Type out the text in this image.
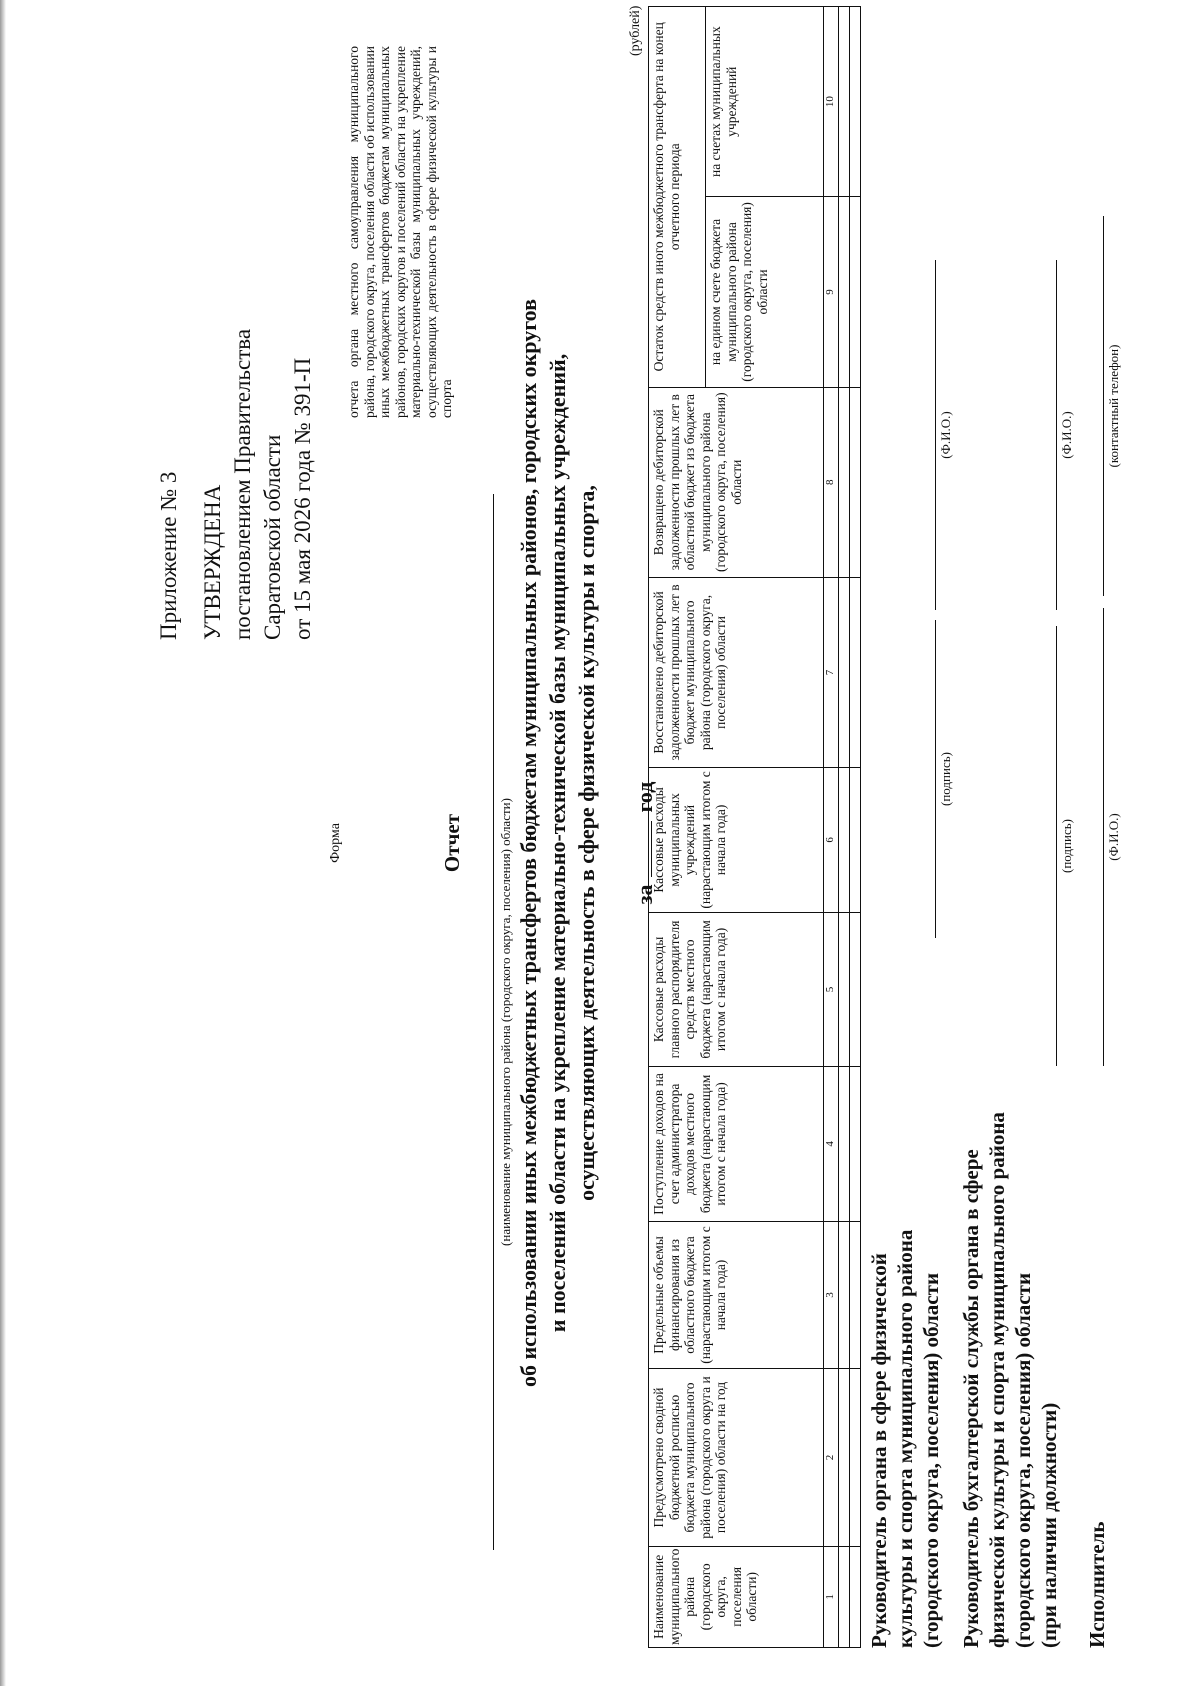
Приложение № 3 УТВЕРЖДЕНА постановлением Правительства Саратовской области от 15 мая 2026 года № 391-П
Форма
отчета органа местного самоуправления муниципального района, городского округа, поселения области об использовании иных межбюджетных трансфертов бюджетам муниципальных районов, городских округов и поселений области на укрепление материально-технической базы муниципальных учреждений, осуществляющих деятельность в сфере физической культуры и спорта
Отчет	(наименование муниципального района (городского округа, поселения) области) об использовании иных межбюджетных трансфертов бюджетам муниципальных районов, городских округов и поселений области на укрепление материально-технической базы муниципальных учреждений, осуществляющих деятельность в сфере физической культуры и спорта, загод
(рублей)
Наименование муниципального района (городского округа, поселения области)	Предусмотрено сводной бюджетной росписью бюджета муниципального района (городского округа и поселения) области на год	Предельные объемы финансирования из областного бюджета (нарастающим итогом с начала года)	Поступление доходов на счет администратора доходов местного бюджета (нарастающим итогом с начала года)	Кассовые расходы главного распорядителя средств местного бюджета (нарастающим итогом с начала года)	Кассовые расходы муниципальных учреждений (нарастающим итогом с начала года)	Восстановлено дебиторской задолженности прошлых лет в бюджет муниципального района (городского округа, поселения) области	Возвращено дебиторской задолженности прошлых лет в областной бюджет из бюджета муниципального района (городского округа, поселения) области	Остаток средств иного межбюджетного трансферта на конец отчетного периода	
								на едином счете бюджета муниципального района (городского округа, поселения) области	на счетах муниципальных учреждений
1	2	3	4	5	6	7	8	9	10

Руководитель органа в сфере физической культуры и спорта муниципального района (городского округа, поселения) области
(подпись)
(Ф.И.О.)
Руководитель бухгалтерской службы органа в сфере физической культуры и спорта муниципального района (городского округа, поселения) области (при наличии должности)
(подпись)
(Ф.И.О.)
Исполнитель
(Ф.И.О.)
(контактный телефон)
